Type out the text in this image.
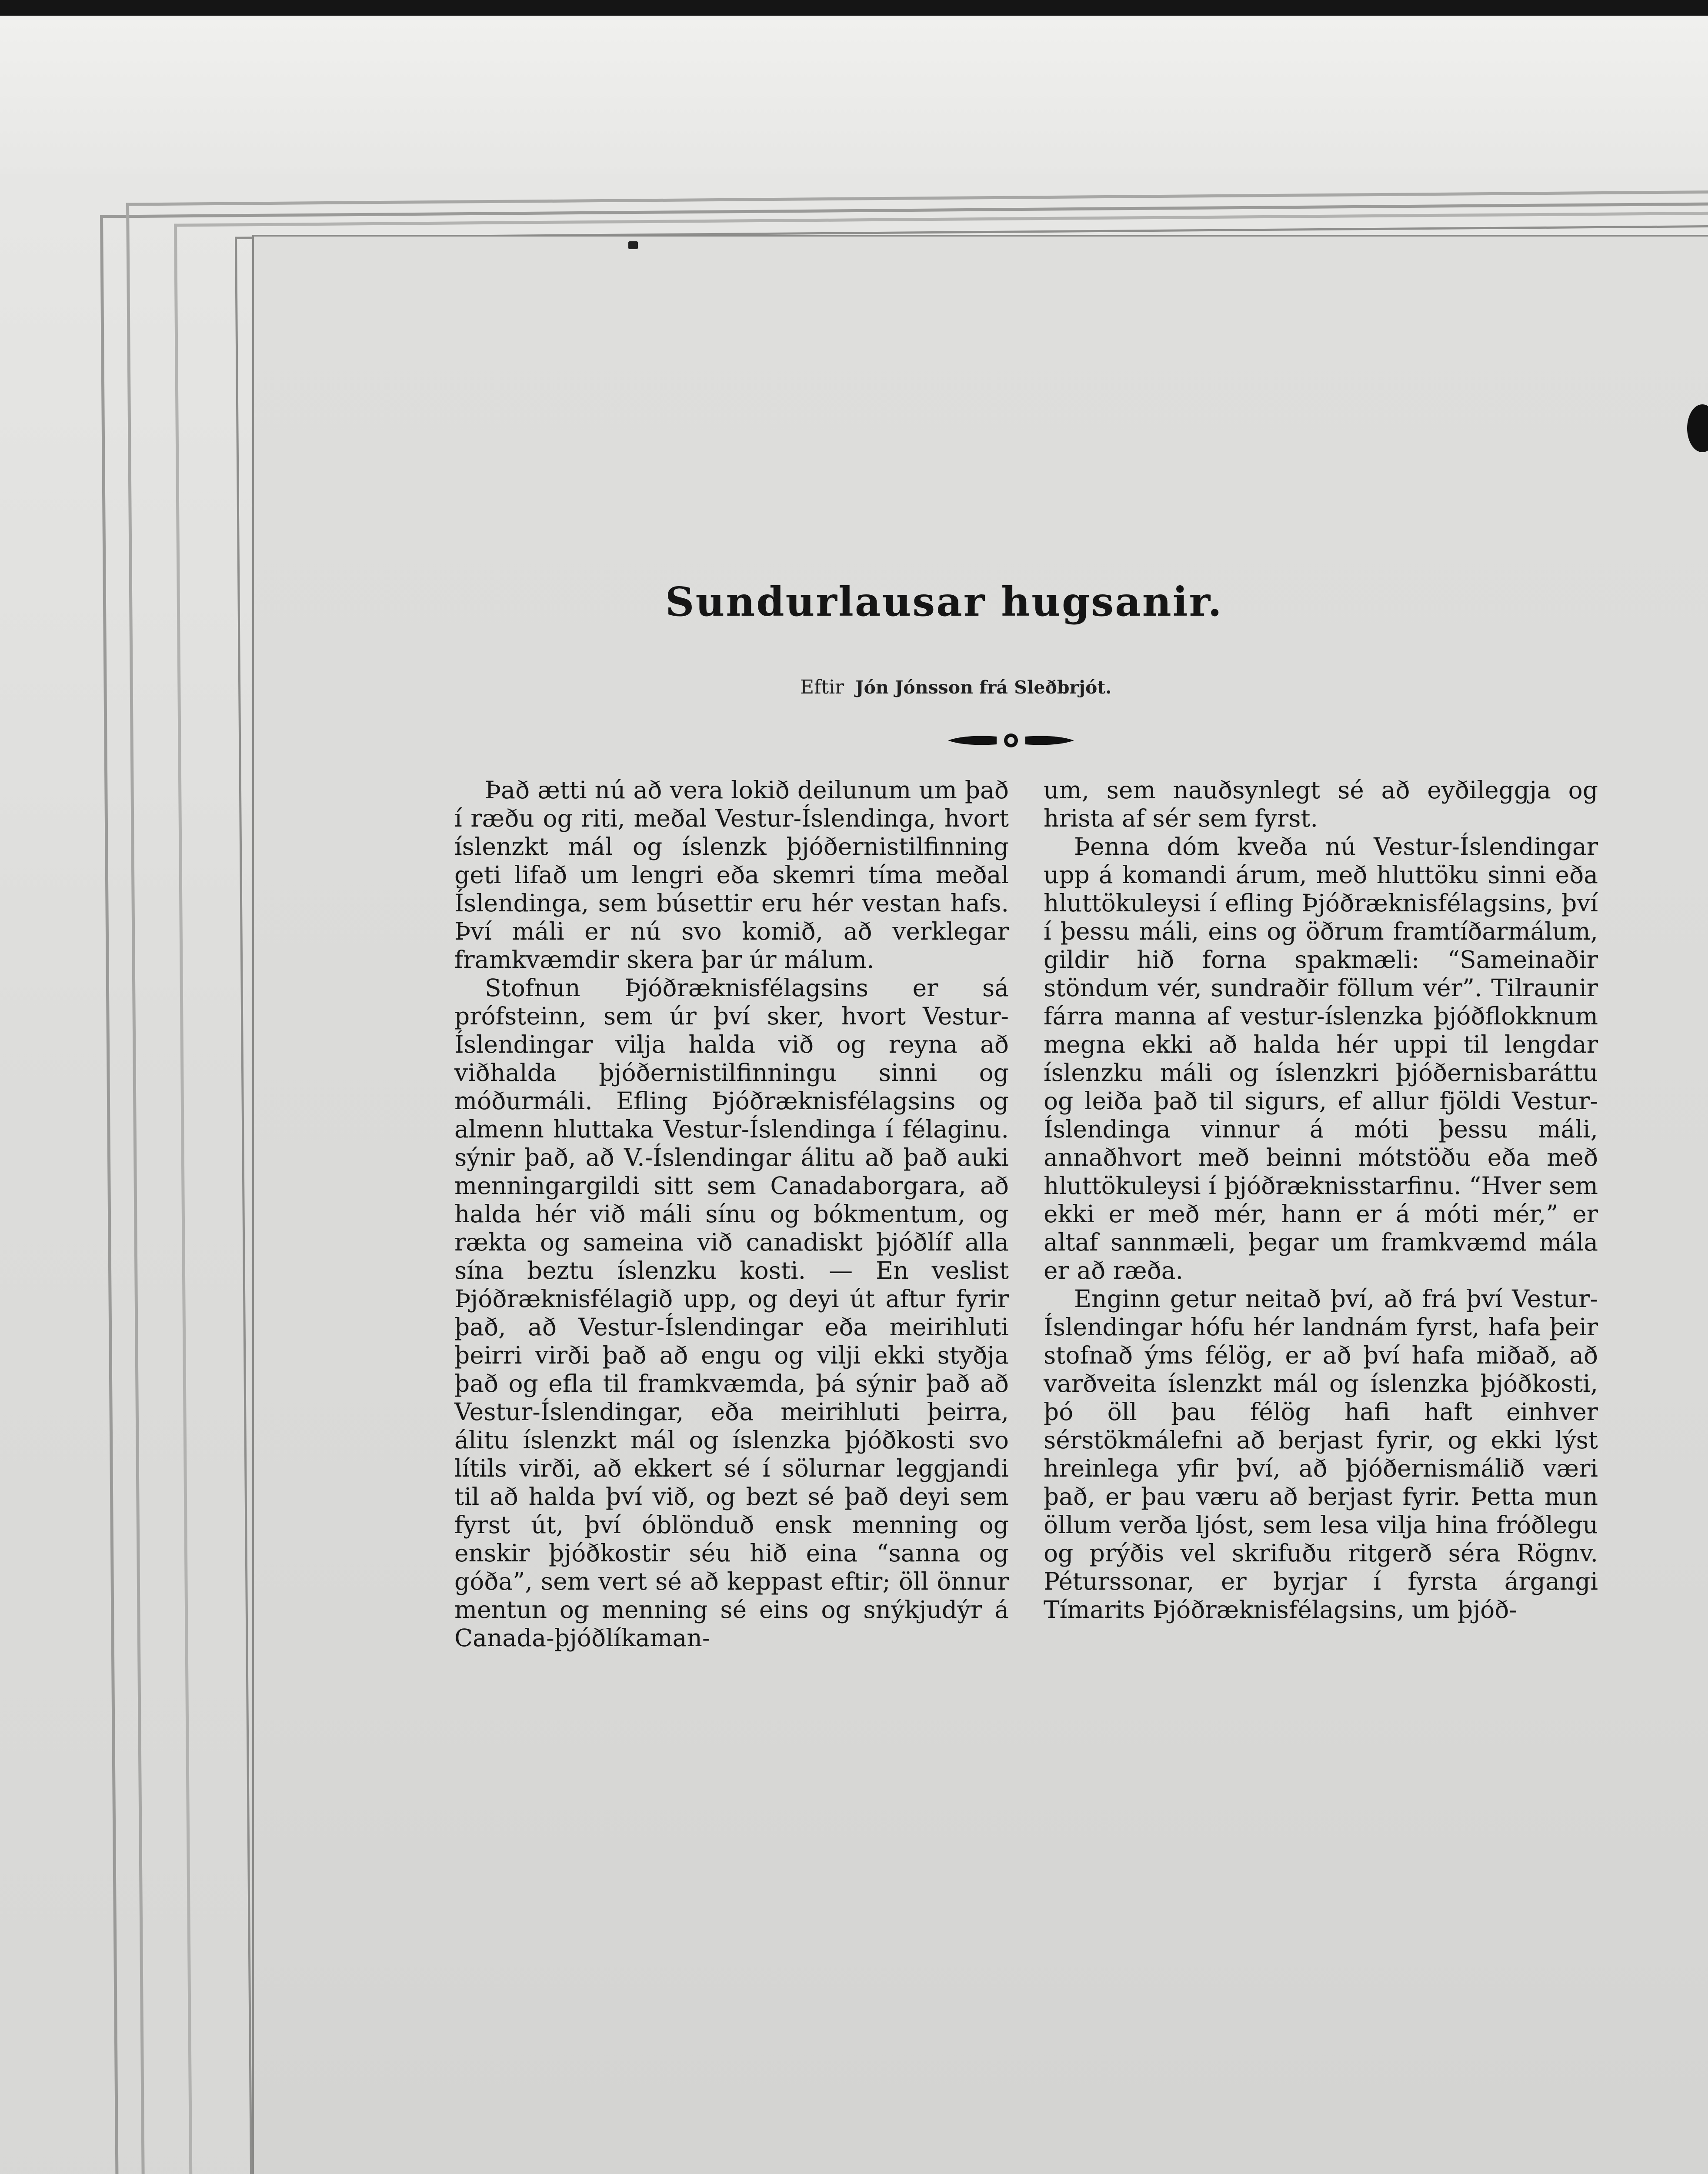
Sundurlausar hugsanir.
Eftir Jón Jónsson frá Sleðbrjót.

Það ætti nú að vera lokið deilunum um það í ræðu og riti, meðal Vestur-Íslendinga, hvort íslenzkt mál og íslenzk þjóðernistilfinning geti lifað um lengri eða skemri tíma meðal Íslendinga, sem búsettir eru hér vestan hafs. Því máli er nú svo komið, að verklegar framkvæmdir skera þar úr málum.

Stofnun Þjóðræknisfélagsins er sá prófsteinn, sem úr því sker, hvort Vestur-Íslendingar vilja halda við og reyna að viðhalda þjóðernistilfinningu sinni og móðurmáli. Efling Þjóðræknisfélagsins og almenn hluttaka Vestur-Íslendinga í félaginu. sýnir það, að V.-Íslendingar álitu að það auki menningargildi sitt sem Canadaborgara, að halda hér við máli sínu og bókmentum, og rækta og sameina við canadiskt þjóðlíf alla sína beztu íslenzku kosti. — En veslist Þjóðræknisfélagið upp, og deyi út aftur fyrir það, að Vestur-Íslendingar eða meirihluti þeirri virði það að engu og vilji ekki styðja það og efla til framkvæmda, þá sýnir það að Vestur-Íslendingar, eða meirihluti þeirra, álitu íslenzkt mál og íslenzka þjóðkosti svo lítils virði, að ekkert sé í sölurnar leggjandi til að halda því við, og bezt sé það deyi sem fyrst út, því óblönduð ensk menning og enskir þjóðkostir séu hið eina “sanna og góða”, sem vert sé að keppast eftir; öll önnur mentun og menning sé eins og snýkjudýr á Canada-þjóðlíkaman-

um, sem nauðsynlegt sé að eyðileggja og hrista af sér sem fyrst.

Þenna dóm kveða nú Vestur-Íslendingar upp á komandi árum, með hluttöku sinni eða hluttökuleysi í efling Þjóðræknisfélagsins, því í þessu máli, eins og öðrum framtíðarmálum, gildir hið forna spakmæli: “Sameinaðir stöndum vér, sundraðir föllum vér”. Tilraunir fárra manna af vestur-íslenzka þjóðflokknum megna ekki að halda hér uppi til lengdar íslenzku máli og íslenzkri þjóðernisbaráttu og leiða það til sigurs, ef allur fjöldi Vestur-Íslendinga vinnur á móti þessu máli, annaðhvort með beinni mótstöðu eða með hluttökuleysi í þjóðræknisstarfinu. “Hver sem ekki er með mér, hann er á móti mér,” er altaf sannmæli, þegar um framkvæmd mála er að ræða.

Enginn getur neitað því, að frá því Vestur-Íslendingar hófu hér landnám fyrst, hafa þeir stofnað ýms félög, er að því hafa miðað, að varðveita íslenzkt mál og íslenzka þjóðkosti, þó öll þau félög hafi haft einhver sérstökmálefni að berjast fyrir, og ekki lýst hreinlega yfir því, að þjóðernismálið væri það, er þau væru að berjast fyrir. Þetta mun öllum verða ljóst, sem lesa vilja hina fróðlegu og prýðis vel skrifuðu ritgerð séra Rögnv. Péturssonar, er byrjar í fyrsta árgangi Tímarits Þjóðræknisfélagsins, um þjóð-
